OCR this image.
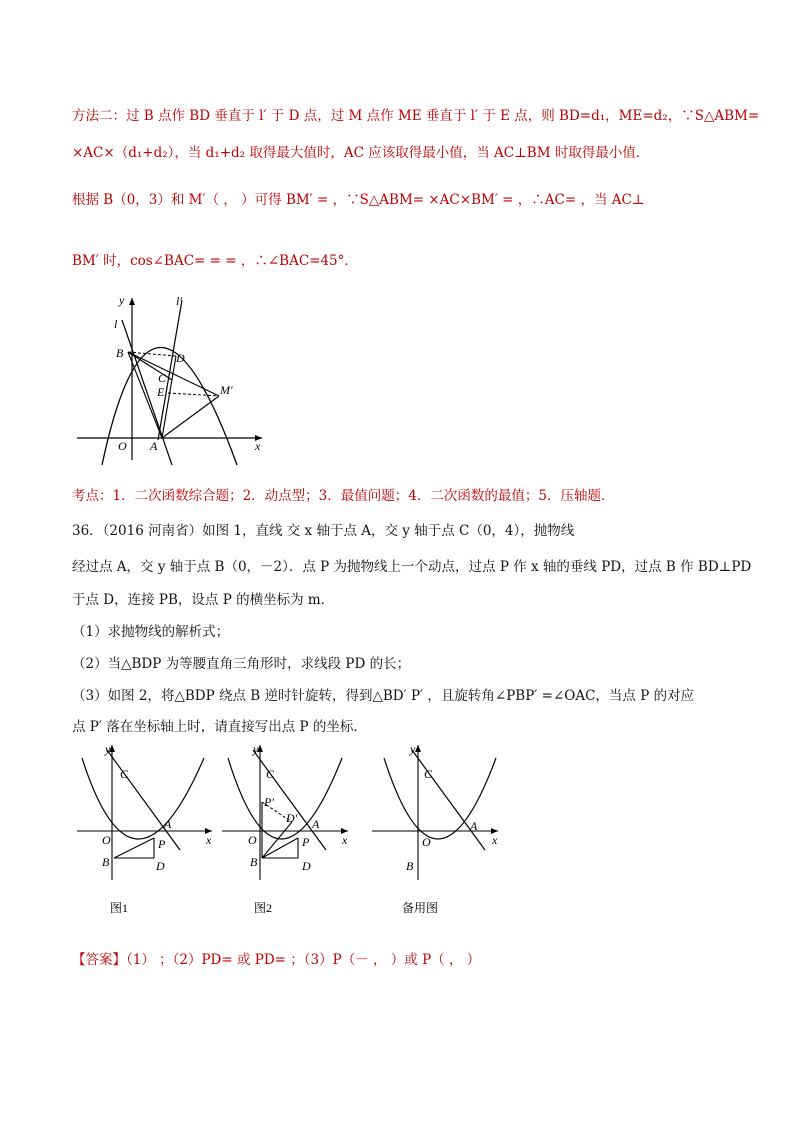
方法二：过 B 点作 BD 垂直于 l′ 于 D 点，过 M 点作 ME 垂直于 l′ 于 E 点，则 BD=d₁，ME=d₂，∵S△ABM=
×AC×（d₁+d₂），当 d₁+d₂ 取得最大值时，AC 应该取得最小值，当 AC⊥BM 时取得最小值．
根据 B（0，3）和 M′（ ， ）可得 BM′ = ，∵S△ABM= ×AC×BM′ = ，∴AC= ，当 AC⊥
BM′ 时，cos∠BAC= = = ，∴∠BAC=45°．
y
l
l′
B	D
C
E	M′
O A	x
考点：1．二次函数综合题；2．动点型；3．最值问题；4．二次函数的最值；5．压轴题．
36．（2016 河南省）如图 1，直线 交 x 轴于点 A，交 y 轴于点 C（0，4），抛物线
经过点 A，交 y 轴于点 B（0，－2）．点 P 为抛物线上一个动点，过点 P 作 x 轴的垂线 PD，过点 B 作 BD⊥PD
于点 D，连接 PB，设点 P 的横坐标为 m．
（1）求抛物线的解析式；
（2）当△BDP 为等腰直角三角形时，求线段 PD 的长；
（3）如图 2，将△BDP 绕点 B 逆时针旋转，得到△BD′ P′ ，且旋转角∠PBP′ =∠OAC，当点 P 的对应
点 P′ 落在坐标轴上时，请直接写出点 P 的坐标．
y
C
O
A
x
B
P
D
图1
y
C
O
A
x
B
P
D
P′
D′
图2
y
C
O
A
x
B
备用图
【答案】（1） ；（2）PD= 或 PD= ；（3）P（－ ， ）或 P（ ， ）
